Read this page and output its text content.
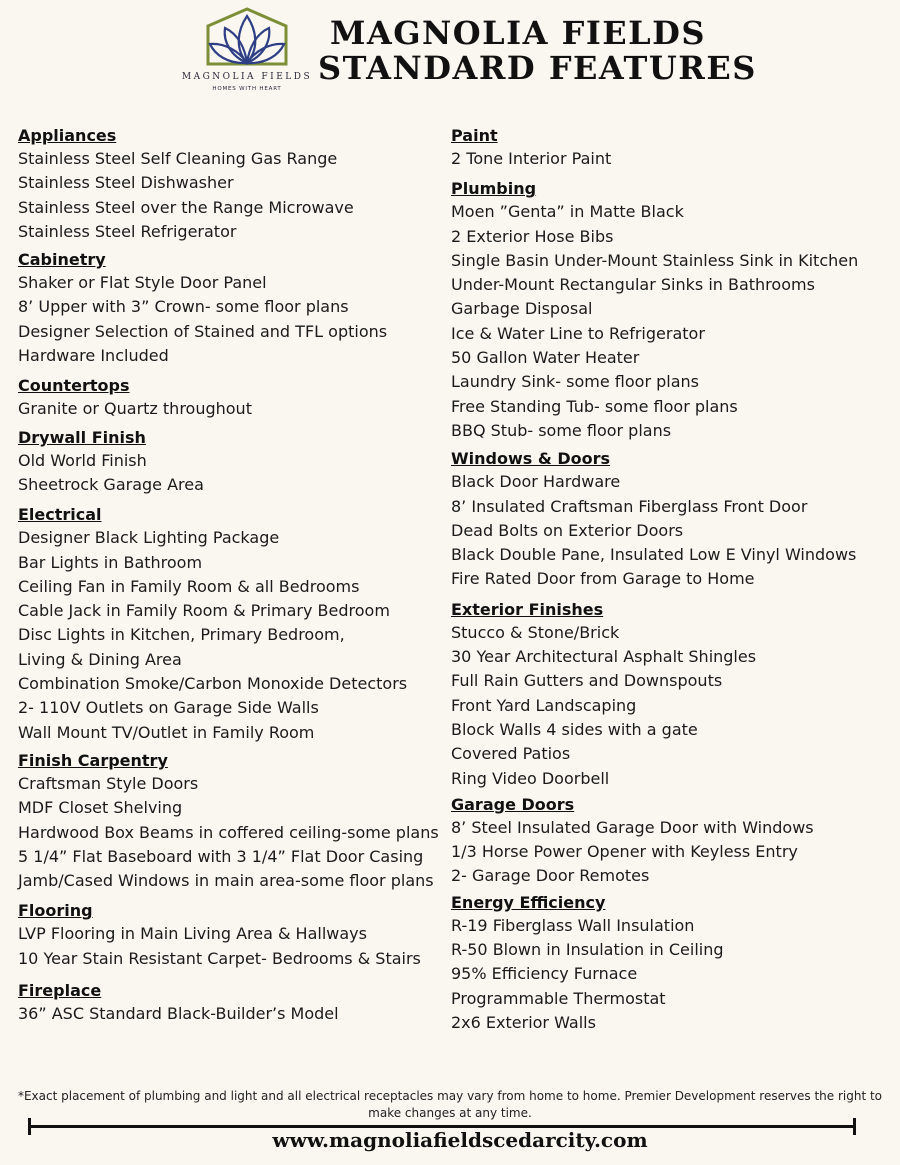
MAGNOLIA FIELDS
HOMES WITH HEART
MAGNOLIA FIELDS
STANDARD FEATURES
Appliances
Stainless Steel Self Cleaning Gas Range
Stainless Steel Dishwasher
Stainless Steel over the Range Microwave
Stainless Steel Refrigerator
Cabinetry
Shaker or Flat Style Door Panel
8’ Upper with 3” Crown- some floor plans
Designer Selection of Stained and TFL options
Hardware Included
Countertops
Granite or Quartz throughout
Drywall Finish
Old World Finish
Sheetrock Garage Area
Electrical
Designer Black Lighting Package
Bar Lights in Bathroom
Ceiling Fan in Family Room & all Bedrooms
Cable Jack in Family Room & Primary Bedroom
Disc Lights in Kitchen, Primary Bedroom,
Living & Dining Area
Combination Smoke/Carbon Monoxide Detectors
2- 110V Outlets on Garage Side Walls
Wall Mount TV/Outlet in Family Room
Finish Carpentry
Craftsman Style Doors
MDF Closet Shelving
Hardwood Box Beams in coffered ceiling-some plans
5 1/4” Flat Baseboard with 3 1/4” Flat Door Casing
Jamb/Cased Windows in main area-some floor plans
Flooring
LVP Flooring in Main Living Area & Hallways
10 Year Stain Resistant Carpet- Bedrooms & Stairs
Fireplace
36” ASC Standard Black-Builder’s Model
Paint
2 Tone Interior Paint
Plumbing
Moen ”Genta” in Matte Black
2 Exterior Hose Bibs
Single Basin Under-Mount Stainless Sink in Kitchen
Under-Mount Rectangular Sinks in Bathrooms
Garbage Disposal
Ice & Water Line to Refrigerator
50 Gallon Water Heater
Laundry Sink- some floor plans
Free Standing Tub- some floor plans
BBQ Stub- some floor plans
Windows & Doors
Black Door Hardware
8’ Insulated Craftsman Fiberglass Front Door
Dead Bolts on Exterior Doors
Black Double Pane, Insulated Low E Vinyl Windows
Fire Rated Door from Garage to Home
Exterior Finishes
Stucco & Stone/Brick
30 Year Architectural Asphalt Shingles
Full Rain Gutters and Downspouts
Front Yard Landscaping
Block Walls 4 sides with a gate
Covered Patios
Ring Video Doorbell
Garage Doors
8’ Steel Insulated Garage Door with Windows
1/3 Horse Power Opener with Keyless Entry
2- Garage Door Remotes
Energy Efficiency
R-19 Fiberglass Wall Insulation
R-50 Blown in Insulation in Ceiling
95% Efficiency Furnace
Programmable Thermostat
2x6 Exterior Walls
*Exact placement of plumbing and light and all electrical receptacles may vary from home to home. Premier Development reserves the right to make changes at any time.
www.magnoliafieldscedarcity.com
